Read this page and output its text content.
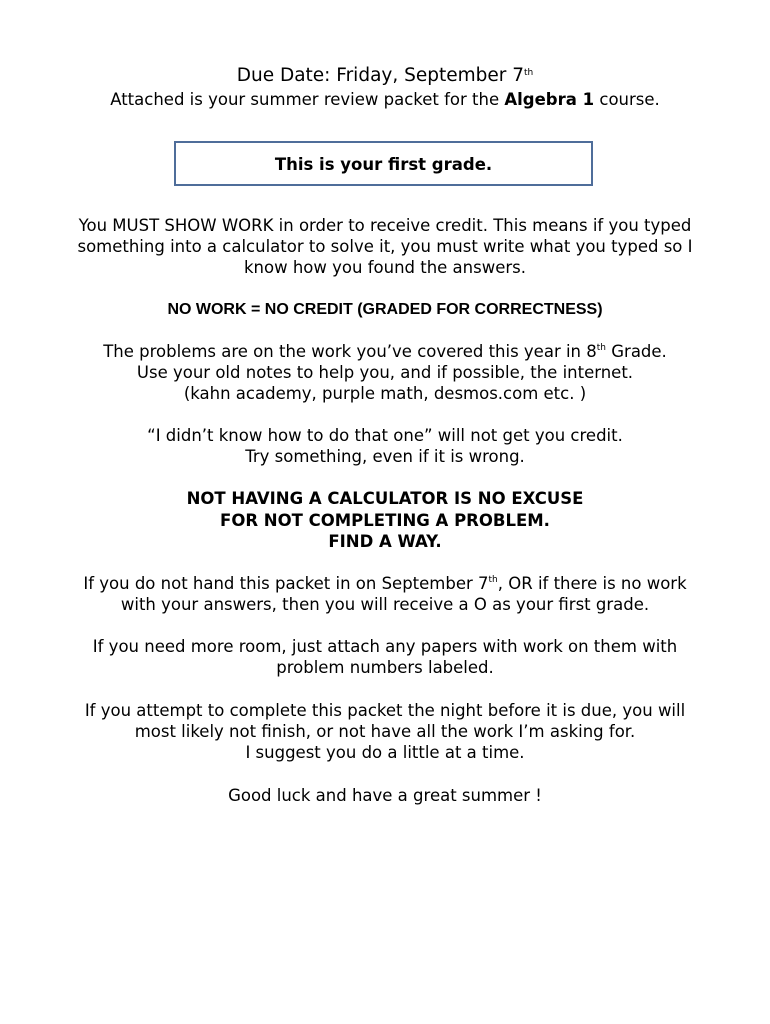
Due Date: Friday, September 7th
Attached is your summer review packet for the Algebra 1 course.
This is your first grade.
You MUST SHOW WORK in order to receive credit. This means if you typed
something into a calculator to solve it, you must write what you typed so I
know how you found the answers.
NO WORK = NO CREDIT (GRADED FOR CORRECTNESS)
The problems are on the work you’ve covered this year in 8th Grade.
Use your old notes to help you, and if possible, the internet.
(kahn academy, purple math, desmos.com etc. )
“I didn’t know how to do that one” will not get you credit.
Try something, even if it is wrong.
NOT HAVING A CALCULATOR IS NO EXCUSE
FOR NOT COMPLETING A PROBLEM.
FIND A WAY.
If you do not hand this packet in on September 7th, OR if there is no work
with your answers, then you will receive a O as your first grade.
If you need more room, just attach any papers with work on them with
problem numbers labeled.
If you attempt to complete this packet the night before it is due, you will
most likely not finish, or not have all the work I’m asking for.
I suggest you do a little at a time.
Good luck and have a great summer !
